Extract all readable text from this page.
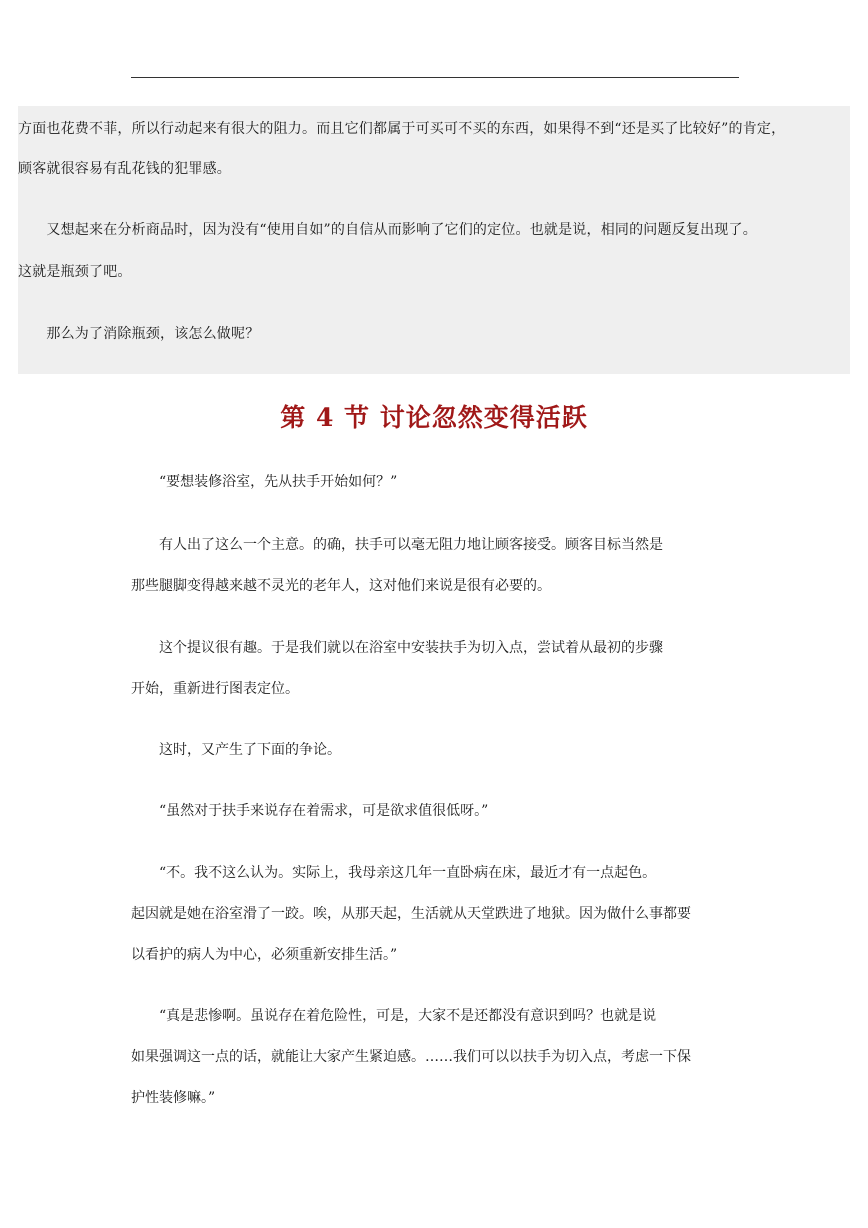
方面也花费不菲，所以行动起来有很大的阻力。而且它们都属于可买可不买的东西，如果得不到“还是买了比较好”的肯定，

顾客就很容易有乱花钱的犯罪感。

　　又想起来在分析商品时，因为没有“使用自如”的自信从而影响了它们的定位。也就是说，相同的问题反复出现了。

这就是瓶颈了吧。

　　那么为了消除瓶颈，该怎么做呢？

第 4 节 讨论忽然变得活跃

　　“要想装修浴室，先从扶手开始如何？”

　　有人出了这么一个主意。的确，扶手可以毫无阻力地让顾客接受。顾客目标当然是

那些腿脚变得越来越不灵光的老年人，这对他们来说是很有必要的。

　　这个提议很有趣。于是我们就以在浴室中安装扶手为切入点，尝试着从最初的步骤

开始，重新进行图表定位。

　　这时，又产生了下面的争论。

　　“虽然对于扶手来说存在着需求，可是欲求值很低呀。”

　　“不。我不这么认为。实际上，我母亲这几年一直卧病在床，最近才有一点起色。

起因就是她在浴室滑了一跤。唉，从那天起，生活就从天堂跌进了地狱。因为做什么事都要

以看护的病人为中心，必须重新安排生活。”

　　“真是悲惨啊。虽说存在着危险性，可是，大家不是还都没有意识到吗？也就是说

如果强调这一点的话，就能让大家产生紧迫感。……我们可以以扶手为切入点，考虑一下保

护性装修嘛。”
